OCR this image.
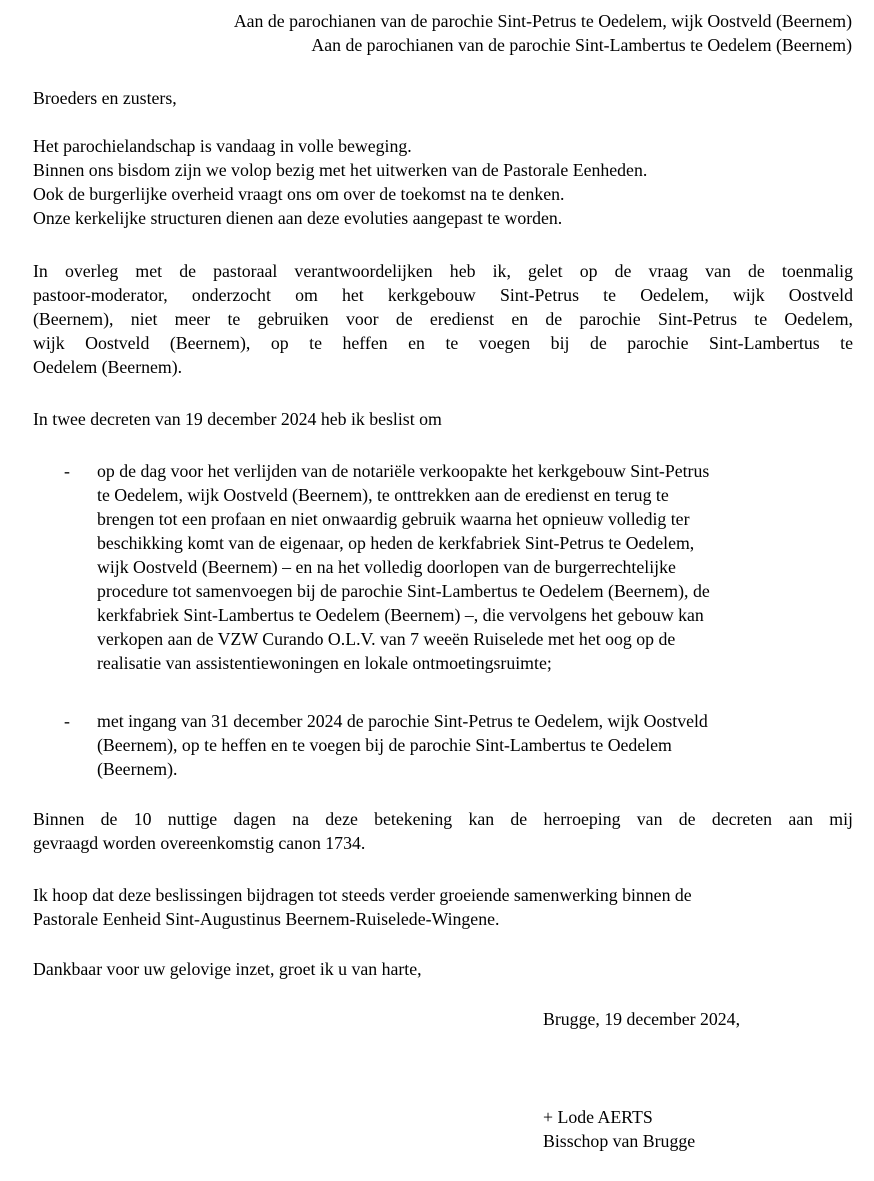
Aan de parochianen van de parochie Sint-Petrus te Oedelem, wijk Oostveld (Beernem)
Aan de parochianen van de parochie Sint-Lambertus te Oedelem (Beernem)
Broeders en zusters,
Het parochielandschap is vandaag in volle beweging.
Binnen ons bisdom zijn we volop bezig met het uitwerken van de Pastorale Eenheden.
Ook de burgerlijke overheid vraagt ons om over de toekomst na te denken.
Onze kerkelijke structuren dienen aan deze evoluties aangepast te worden.
In overleg met de pastoraal verantwoordelijken heb ik, gelet op de vraag van de toenmalig
pastoor-moderator, onderzocht om het kerkgebouw Sint-Petrus te Oedelem, wijk Oostveld
(Beernem), niet meer te gebruiken voor de eredienst en de parochie Sint-Petrus te Oedelem,
wijk Oostveld (Beernem), op te heffen en te voegen bij de parochie Sint-Lambertus te
Oedelem (Beernem).
In twee decreten van 19 december 2024 heb ik beslist om
- op de dag voor het verlijden van de notariële verkoopakte het kerkgebouw Sint-Petrus
te Oedelem, wijk Oostveld (Beernem), te onttrekken aan de eredienst en terug te
brengen tot een profaan en niet onwaardig gebruik waarna het opnieuw volledig ter
beschikking komt van de eigenaar, op heden de kerkfabriek Sint-Petrus te Oedelem,
wijk Oostveld (Beernem) – en na het volledig doorlopen van de burgerrechtelijke
procedure tot samenvoegen bij de parochie Sint-Lambertus te Oedelem (Beernem), de
kerkfabriek Sint-Lambertus te Oedelem (Beernem) –, die vervolgens het gebouw kan
verkopen aan de VZW Curando O.L.V. van 7 weeën Ruiselede met het oog op de
realisatie van assistentiewoningen en lokale ontmoetingsruimte;
- met ingang van 31 december 2024 de parochie Sint-Petrus te Oedelem, wijk Oostveld
(Beernem), op te heffen en te voegen bij de parochie Sint-Lambertus te Oedelem
(Beernem).
Binnen de 10 nuttige dagen na deze betekening kan de herroeping van de decreten aan mij
gevraagd worden overeenkomstig canon 1734.
Ik hoop dat deze beslissingen bijdragen tot steeds verder groeiende samenwerking binnen de
Pastorale Eenheid Sint-Augustinus Beernem-Ruiselede-Wingene.
Dankbaar voor uw gelovige inzet, groet ik u van harte,
Brugge, 19 december 2024,
+ Lode AERTS
Bisschop van Brugge
